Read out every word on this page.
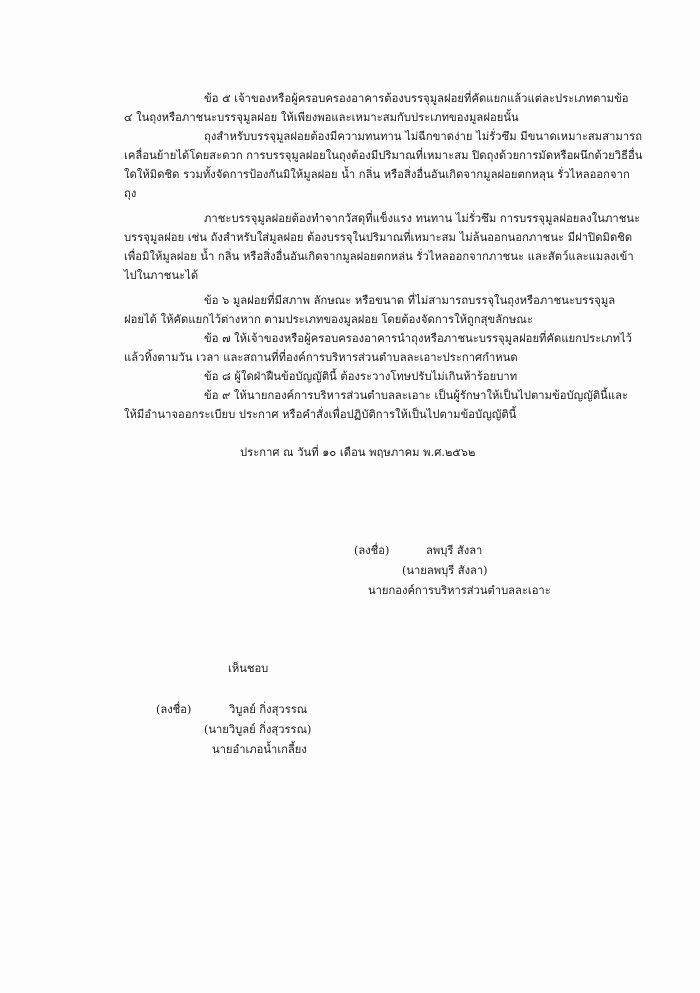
ข้อ ๕ เจ้าของหรือผู้ครอบครองอาคารต้องบรรจุมูลฝอยที่คัดแยกแล้วแต่ละประเภทตามข้อ
๔ ในถุงหรือภาชนะบรรจุมูลฝอย ให้เพียงพอและเหมาะสมกับประเภทของมูลฝอยนั้น
ถุงสำหรับบรรจุมูลฝอยต้องมีความทนทาน ไม่ฉีกขาดง่าย ไม่รั่วซึม มีขนาดเหมาะสมสามารถ
เคลื่อนย้ายได้โดยสะดวก การบรรจุมูลฝอยในถุงต้องมีปริมาณที่เหมาะสม ปิดถุงด้วยการมัดหรือผนึกด้วยวิธีอื่น
ใดให้มิดชิด รวมทั้งจัดการป้องกันมิให้มูลฝอย น้ำ กลิ่น หรือสิ่งอื่นอันเกิดจากมูลฝอยตกหลุน รั่วไหลออกจาก
ถุง
ภาชะบรรจุมูลฝอยต้องทำจากวัสดุที่แข็งแรง ทนทาน ไม่รั่วซึม การบรรจุมูลฝอยลงในภาชนะ
บรรจุมูลฝอย เช่น ถังสำหรับใส่มูลฝอย ต้องบรรจุในปริมาณที่เหมาะสม ไม่ล้นออกนอกภาชนะ มีฝาปิดมิดชิด
เพื่อมิให้มูลฝอย น้ำ กลิ่น หรือสิ่งอื่นอันเกิดจากมูลฝอยตกหล่น รั่วไหลออกจากภาชนะ และสัตว์และแมลงเข้า
ไปในภาชนะได้
ข้อ ๖ มูลฝอยที่มีสภาพ ลักษณะ หรือขนาด ที่ไม่สามารถบรรจุในถุงหรือภาชนะบรรจุมูล
ฝอยได้ ให้คัดแยกไว้ต่างหาก ตามประเภทของมูลฝอย โดยต้องจัดการให้ถูกสุขลักษณะ
ข้อ ๗ ให้เจ้าของหรือผู้ครอบครองอาคารนำถุงหรือภาชนะบรรจุมูลฝอยที่คัดแยกประเภทไว้
แล้วทิ้งตามวัน เวลา และสถานที่ที่องค์การบริหารส่วนตำบลละเอาะประกาศกำหนด
ข้อ ๘ ผู้ใดฝ่าฝืนข้อบัญญัตินี้ ต้องระวางโทษปรับไม่เกินห้าร้อยบาท
ข้อ ๙ ให้นายกองค์การบริหารส่วนตำบลละเอาะ เป็นผู้รักษาให้เป็นไปตามข้อบัญญัตินี้และ
ให้มีอำนาจออกระเบียบ ประกาศ หรือคำสั่งเพื่อปฏิบัติการให้เป็นไปตามข้อบัญญัตินี้
ประกาศ ณ วันที่ ๑๐ เดือน พฤษภาคม พ.ศ.๒๕๖๒
(ลงชื่อ)	ลพบุรี สังลา
(นายลพบุรี สังลา)
นายกองค์การบริหารส่วนตำบลละเอาะ
เห็นชอบ
(ลงชื่อ)	วิบูลย์ กิ่งสุวรรณ
(นายวิบูลย์ กิ่งสุวรรณ)
นายอำเภอน้ำเกลี้ยง
